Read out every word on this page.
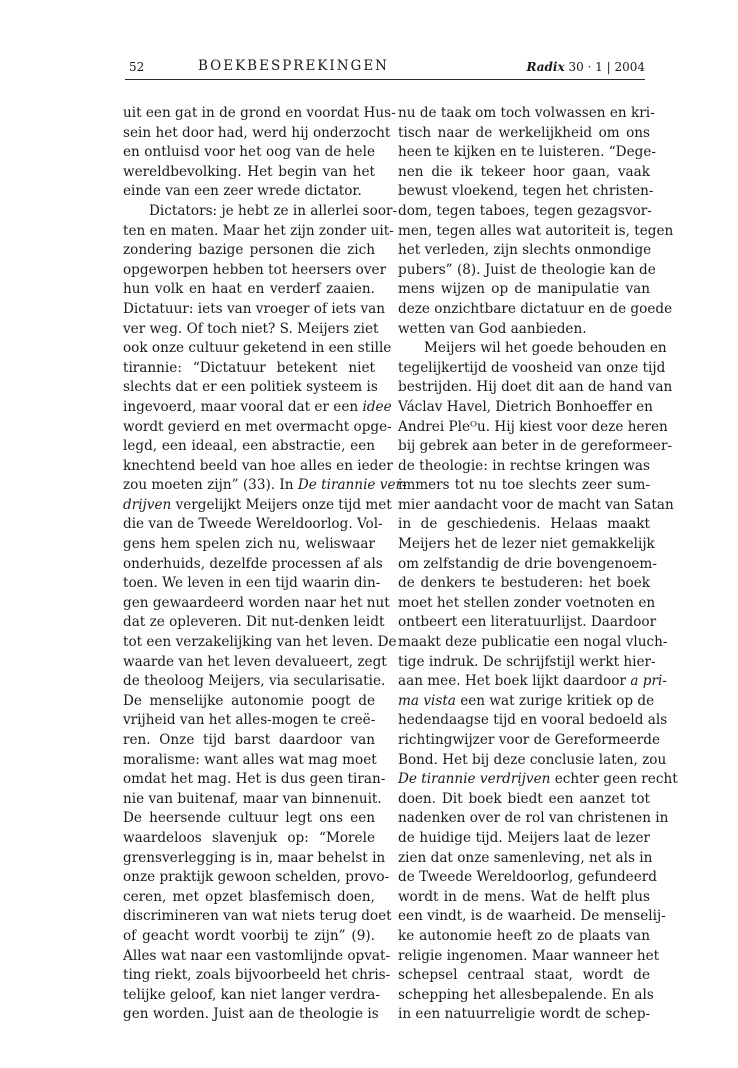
52	BOEKBESPREKINGEN	Radix 30 · 1 | 2004
uit een gat in de grond en voordat Hus-
sein het door had, werd hij onderzocht
en ontluisd voor het oog van de hele
wereldbevolking. Het begin van het
einde van een zeer wrede dictator.
Dictators: je hebt ze in allerlei soor-
ten en maten. Maar het zijn zonder uit-
zondering bazige personen die zich
opgeworpen hebben tot heersers over
hun volk en haat en verderf zaaien.
Dictatuur: iets van vroeger of iets van
ver weg. Of toch niet? S. Meijers ziet
ook onze cultuur geketend in een stille
tirannie: “Dictatuur betekent niet
slechts dat er een politiek systeem is
ingevoerd, maar vooral dat er een idee
wordt gevierd en met overmacht opge-
legd, een ideaal, een abstractie, een
knechtend beeld van hoe alles en ieder
zou moeten zijn” (33). In De tirannie ver-
drijven vergelijkt Meijers onze tijd met
die van de Tweede Wereldoorlog. Vol-
gens hem spelen zich nu, weliswaar
onderhuids, dezelfde processen af als
toen. We leven in een tijd waarin din-
gen gewaardeerd worden naar het nut
dat ze opleveren. Dit nut-denken leidt
tot een verzakelijking van het leven. De
waarde van het leven devalueert, zegt
de theoloog Meijers, via secularisatie.
De menselijke autonomie poogt de
vrijheid van het alles-mogen te creë-
ren. Onze tijd barst daardoor van
moralisme: want alles wat mag moet
omdat het mag. Het is dus geen tiran-
nie van buitenaf, maar van binnenuit.
De heersende cultuur legt ons een
waardeloos slavenjuk op: “Morele
grensverlegging is in, maar behelst in
onze praktijk gewoon schelden, provo-
ceren, met opzet blasfemisch doen,
discrimineren van wat niets terug doet
of geacht wordt voorbij te zijn” (9).
Alles wat naar een vastomlijnde opvat-
ting riekt, zoals bijvoorbeeld het chris-
telijke geloof, kan niet langer verdra-
gen worden. Juist aan de theologie is
nu de taak om toch volwassen en kri-
tisch naar de werkelijkheid om ons
heen te kijken en te luisteren. “Dege-
nen die ik tekeer hoor gaan, vaak
bewust vloekend, tegen het christen-
dom, tegen taboes, tegen gezagsvor-
men, tegen alles wat autoriteit is, tegen
het verleden, zijn slechts onmondige
pubers” (8). Juist de theologie kan de
mens wijzen op de manipulatie van
deze onzichtbare dictatuur en de goede
wetten van God aanbieden.
Meijers wil het goede behouden en
tegelijkertijd de voosheid van onze tijd
bestrijden. Hij doet dit aan de hand van
Václav Havel, Dietrich Bonhoeffer en
Andrei Pleᴼu. Hij kiest voor deze heren
bij gebrek aan beter in de gereformeer-
de theologie: in rechtse kringen was
immers tot nu toe slechts zeer sum-
mier aandacht voor de macht van Satan
in de geschiedenis. Helaas maakt
Meijers het de lezer niet gemakkelijk
om zelfstandig de drie bovengenoem-
de denkers te bestuderen: het boek
moet het stellen zonder voetnoten en
ontbeert een literatuurlijst. Daardoor
maakt deze publicatie een nogal vluch-
tige indruk. De schrijfstijl werkt hier-
aan mee. Het boek lijkt daardoor a pri-
ma vista een wat zurige kritiek op de
hedendaagse tijd en vooral bedoeld als
richtingwijzer voor de Gereformeerde
Bond. Het bij deze conclusie laten, zou
De tirannie verdrijven echter geen recht
doen. Dit boek biedt een aanzet tot
nadenken over de rol van christenen in
de huidige tijd. Meijers laat de lezer
zien dat onze samenleving, net als in
de Tweede Wereldoorlog, gefundeerd
wordt in de mens. Wat de helft plus
een vindt, is de waarheid. De menselij-
ke autonomie heeft zo de plaats van
religie ingenomen. Maar wanneer het
schepsel centraal staat, wordt de
schepping het allesbepalende. En als
in een natuurreligie wordt de schep-
